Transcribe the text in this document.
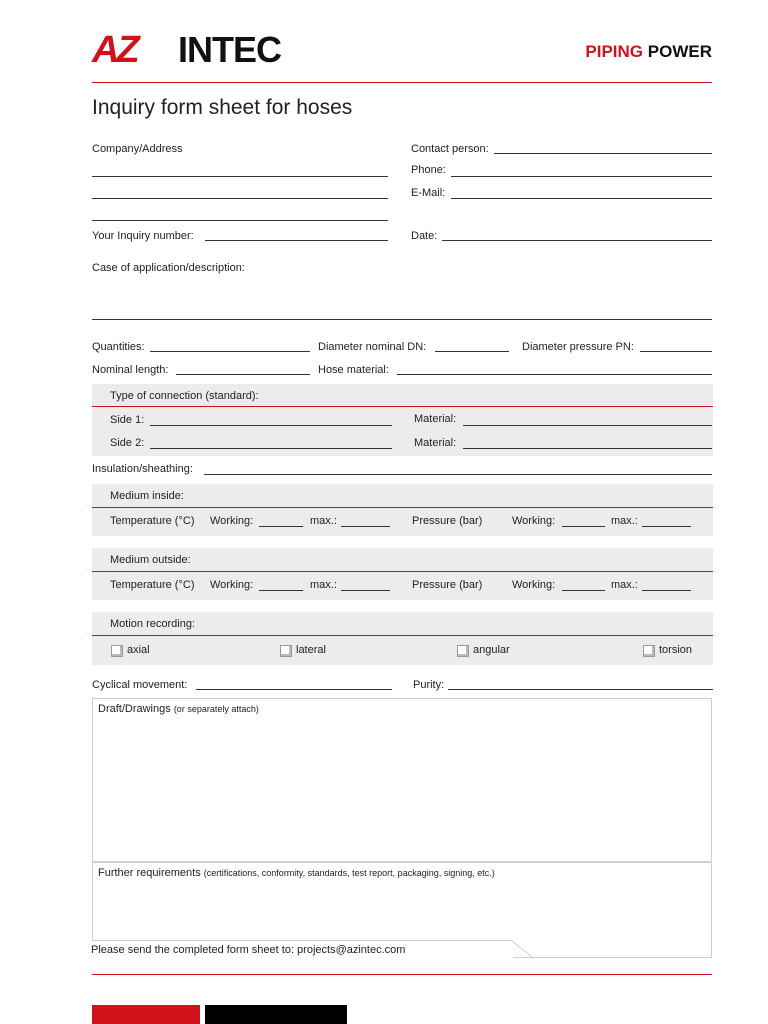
AZ INTEC	PIPING POWER
Inquiry form sheet for hoses
Company/Address	Contact person:
Phone:
E-Mail:
Your Inquiry number:	Date:
Case of application/description:
Quantities:	Diameter nominal DN:	Diameter pressure PN:
Nominal length:	Hose material:
Type of connection (standard):
Side 1:	Material:
Side 2:	Material:
Insulation/sheathing:
Medium inside:
Temperature (°C) Working:	max.:	Pressure (bar)	Working:	max.:
Medium outside:
Temperature (°C) Working:	max.:	Pressure (bar)	Working:	max.:
Motion recording:
axial	lateral	angular	torsion
Cyclical movement:	Purity:
Draft/Drawings (or separately attach)
Further requirements (certifications, conformity, standards, test report, packaging, signing, etc.)
Please send the completed form sheet to: projects@azintec.com
